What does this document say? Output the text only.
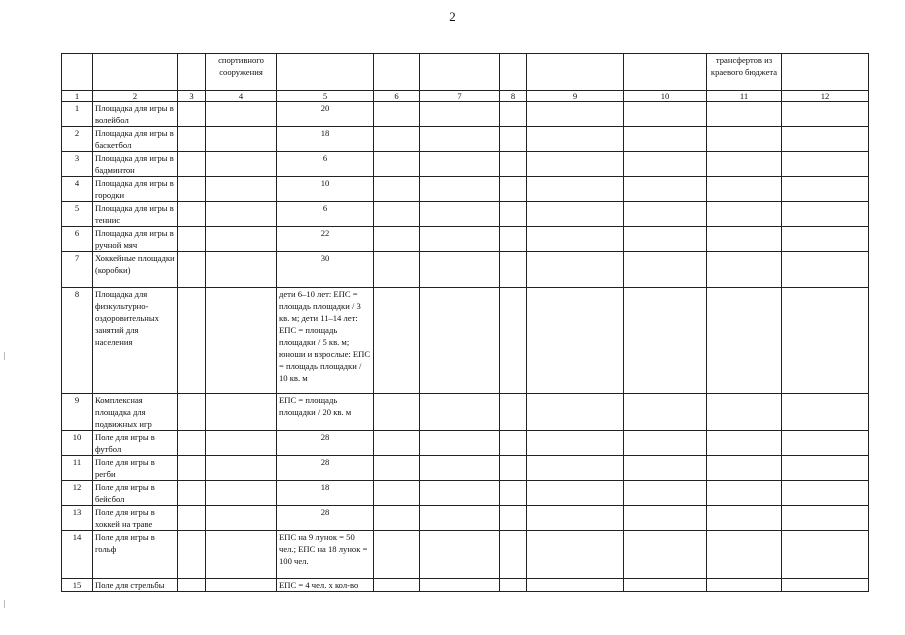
2
			спортивного сооружения							трансфертов из краевого бюджета	
1	2	3	4	5	6	7	8	9	10	11	12
1	Площадка для игры в волейбол			20							
2	Площадка для игры в баскетбол			18							
3	Площадка для игры в бадминтон			6							
4	Площадка для игры в городки			10							
5	Площадка для игры в теннис			6							
6	Площадка для игры в ручной мяч			22							
7	Хоккейные площадки (коробки)			30							
8	Площадка для физкультурно-оздоровительных занятий для населения			дети 6–10 лет: ЕПС = площадь площадки / 3 кв. м; дети 11–14 лет: ЕПС = площадь площадки / 5 кв. м; юноши и взрослые: ЕПС = площадь площадки / 10 кв. м							
9	Комплексная площадка для подвижных игр			ЕПС = площадь площадки / 20 кв. м							
10	Поле для игры в футбол			28							
11	Поле для игры в регби			28							
12	Поле для игры в бейсбол			18							
13	Поле для игры в хоккей на траве			28							
14	Поле для игры в гольф			ЕПС на 9 лунок = 50 чел.; ЕПС на 18 лунок = 100 чел.							
15	Поле для стрельбы			ЕПС = 4 чел. х кол-во							
